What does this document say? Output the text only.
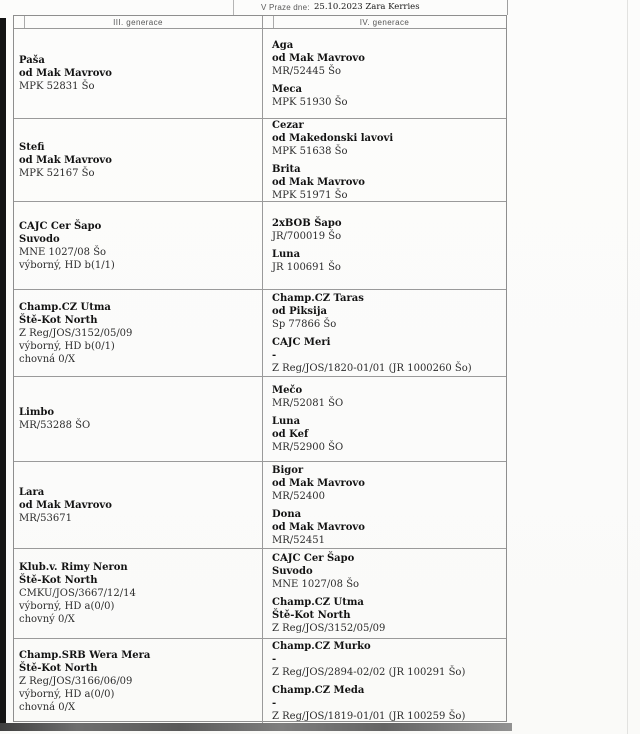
V Praze dne: 25.10.2023 Zara Kerries
III. generace	IV. generace
Paša
od Mak Mavrovo
MPK 52831 Šo
Aga
od Mak Mavrovo
MR/52445 Šo
Meca
MPK 51930 Šo
Stefi
od Mak Mavrovo
MPK 52167 Šo
Cezar
od Makedonski lavovi
MPK 51638 Šo
Brita
od Mak Mavrovo
MPK 51971 Šo
CAJC Cer Šapo
Suvodo
MNE 1027/08 Šo
výborný, HD b(1/1)
2xBOB Šapo
JR/700019 Šo
Luna
JR 100691 Šo
Champ.CZ Utma
Ště-Kot North
Z Reg/JOS/3152/05/09
výborný, HD b(0/1)
chovná 0/X
Champ.CZ Taras
od Piksija
Sp 77866 Šo
CAJC Meri
-
Z Reg/JOS/1820-01/01 (JR 1000260 Šo)
Limbo
MR/53288 ŠO
Mečo
MR/52081 ŠO
Luna
od Kef
MR/52900 ŠO
Lara
od Mak Mavrovo
MR/53671
Bigor
od Mak Mavrovo
MR/52400
Dona
od Mak Mavrovo
MR/52451
Klub.v. Rimy Neron
Ště-Kot North
CMKU/JOS/3667/12/14
výborný, HD a(0/0)
chovný 0/X
CAJC Cer Šapo
Suvodo
MNE 1027/08 Šo
Champ.CZ Utma
Ště-Kot North
Z Reg/JOS/3152/05/09
Champ.SRB Wera Mera
Ště-Kot North
Z Reg/JOS/3166/06/09
výborný, HD a(0/0)
chovná 0/X
Champ.CZ Murko
-
Z Reg/JOS/2894-02/02 (JR 100291 Šo)
Champ.CZ Meda
-
Z Reg/JOS/1819-01/01 (JR 100259 Šo)
